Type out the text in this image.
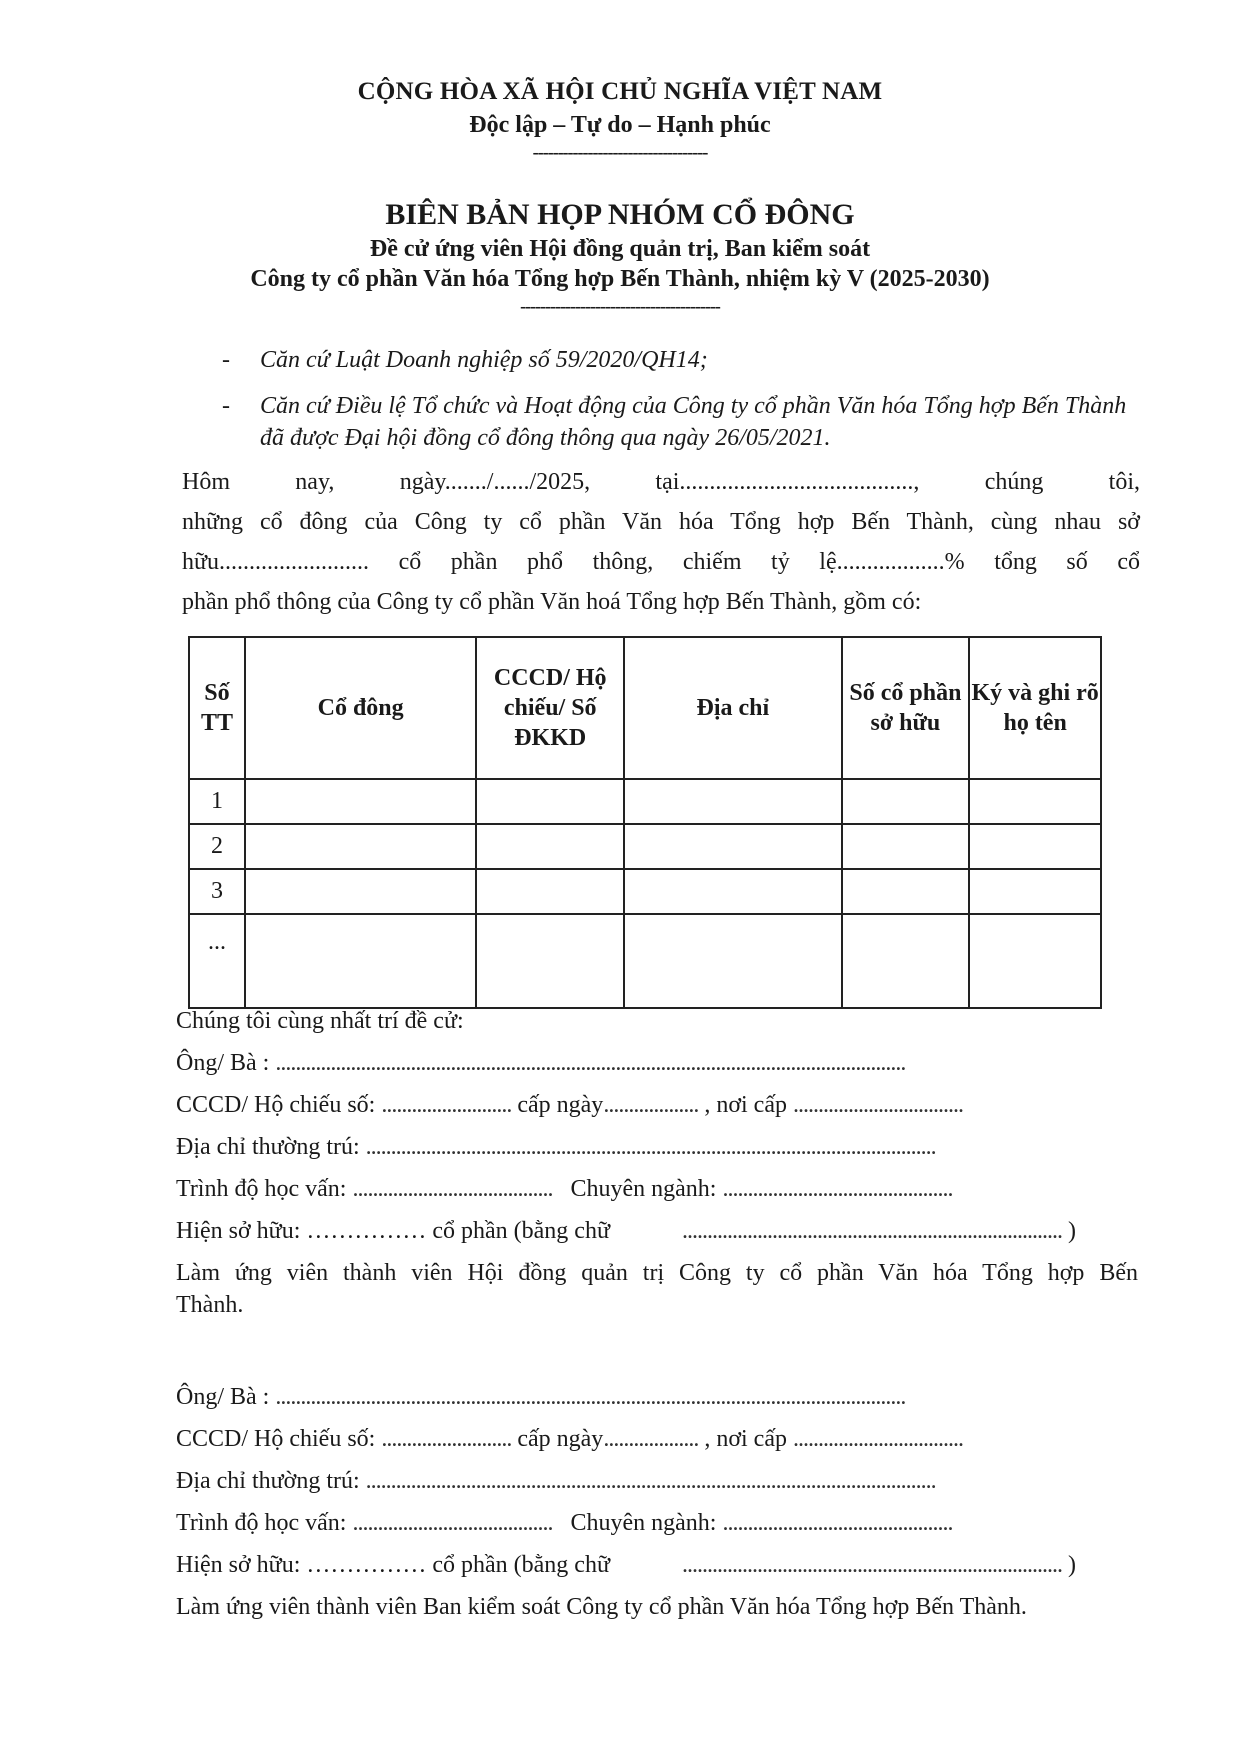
CỘNG HÒA XÃ HỘI CHỦ NGHĨA VIỆT NAM
Độc lập – Tự do – Hạnh phúc
-----------------------------------
BIÊN BẢN HỌP NHÓM CỔ ĐÔNG
Đề cử ứng viên Hội đồng quản trị, Ban kiểm soát
Công ty cổ phần Văn hóa Tổng hợp Bến Thành, nhiệm kỳ V (2025-2030)
----------------------------------------
- Căn cứ Luật Doanh nghiệp số 59/2020/QH14;
- Căn cứ Điều lệ Tổ chức và Hoạt động của Công ty cổ phần Văn hóa Tổng hợp Bến Thành đã được Đại hội đồng cổ đông thông qua ngày 26/05/2021.
Hôm nay, ngày......./....../2025, tại......................................., chúng tôi,
những cổ đông của Công ty cổ phần Văn hóa Tổng hợp Bến Thành, cùng nhau sở
hữu......................... cổ phần phổ thông, chiếm tỷ lệ..................% tổng số cổ
phần phổ thông của Công ty cổ phần Văn hoá Tổng hợp Bến Thành, gồm có:
Số TT	Cổ đông	CCCD/ Hộ chiếu/ Số ĐKKD	Địa chỉ	Số cổ phần sở hữu	Ký và ghi rõ họ tên
1					
2					
3					
...					
Chúng tôi cùng nhất trí đề cử:
Ông/ Bà : ..............................................................................................................................
CCCD/ Hộ chiếu số: .......................... cấp ngày................... , nơi cấp ..................................
Địa chỉ thường trú: ..................................................................................................................
Trình độ học vấn: ........................................ Chuyên ngành: ..............................................
Hiện sở hữu: …………… cổ phần (bằng chữ	............................................................................ )
Làm ứng viên thành viên Hội đồng quản trị Công ty cổ phần Văn hóa Tổng hợp Bến
Thành.
Ông/ Bà : ..............................................................................................................................
CCCD/ Hộ chiếu số: .......................... cấp ngày................... , nơi cấp ..................................
Địa chỉ thường trú: ..................................................................................................................
Trình độ học vấn: ........................................ Chuyên ngành: ..............................................
Hiện sở hữu: …………… cổ phần (bằng chữ	............................................................................ )
Làm ứng viên thành viên Ban kiểm soát Công ty cổ phần Văn hóa Tổng hợp Bến Thành.
